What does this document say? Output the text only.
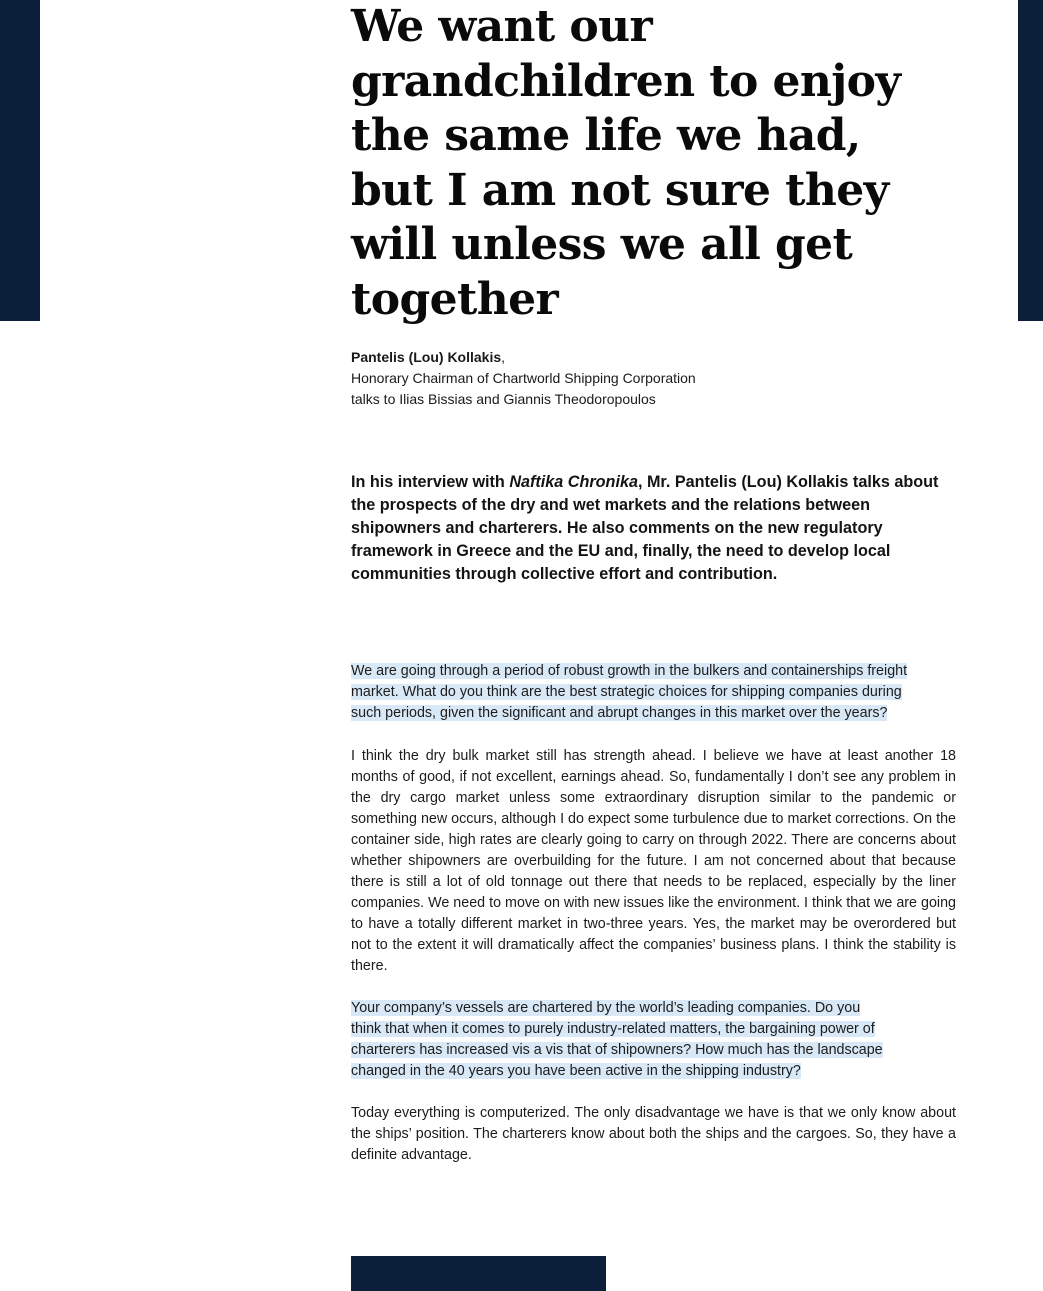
We want our
grandchildren to enjoy
the same life we had,
but I am not sure they
will unless we all get
together
Pantelis (Lou) Kollakis,
Honorary Chairman of Chartworld Shipping Corporation
talks to Ilias Bissias and Giannis Theodoropoulos

In his interview with Naftika Chronika, Mr. Pantelis (Lou) Kollakis talks about the prospects of the dry and wet markets and the relations between shipowners and charterers. He also comments on the new regulatory framework in Greece and the EU and, finally, the need to develop local communities through collective effort and contribution.

We are going through a period of robust growth in the bulkers and containerships freight
market. What do you think are the best strategic choices for shipping companies during
such periods, given the significant and abrupt changes in this market over the years?

I think the dry bulk market still has strength ahead. I believe we have at least another 18 months of good, if not excellent, earnings ahead. So, fundamentally I don’t see any problem in the dry cargo market unless some extraordinary disruption similar to the pandemic or something new occurs, although I do expect some turbulence due to market corrections. On the container side, high rates are clearly going to carry on through 2022. There are concerns about whether shipowners are overbuilding for the future. I am not concerned about that because there is still a lot of old tonnage out there that needs to be replaced, especially by the liner companies. We need to move on with new issues like the environment. I think that we are going to have a totally different market in two-three years. Yes, the market may be overordered but not to the extent it will dramatically affect the companies’ business plans. I think the stability is there.

Your company’s vessels are chartered by the world’s leading companies. Do you
think that when it comes to purely industry-related matters, the bargaining power of
charterers has increased vis a vis that of shipowners? How much has the landscape
changed in the 40 years you have been active in the shipping industry?

Today everything is computerized. The only disadvantage we have is that we only know about the ships’ position. The charterers know about both the ships and the cargoes. So, they have a definite advantage.
